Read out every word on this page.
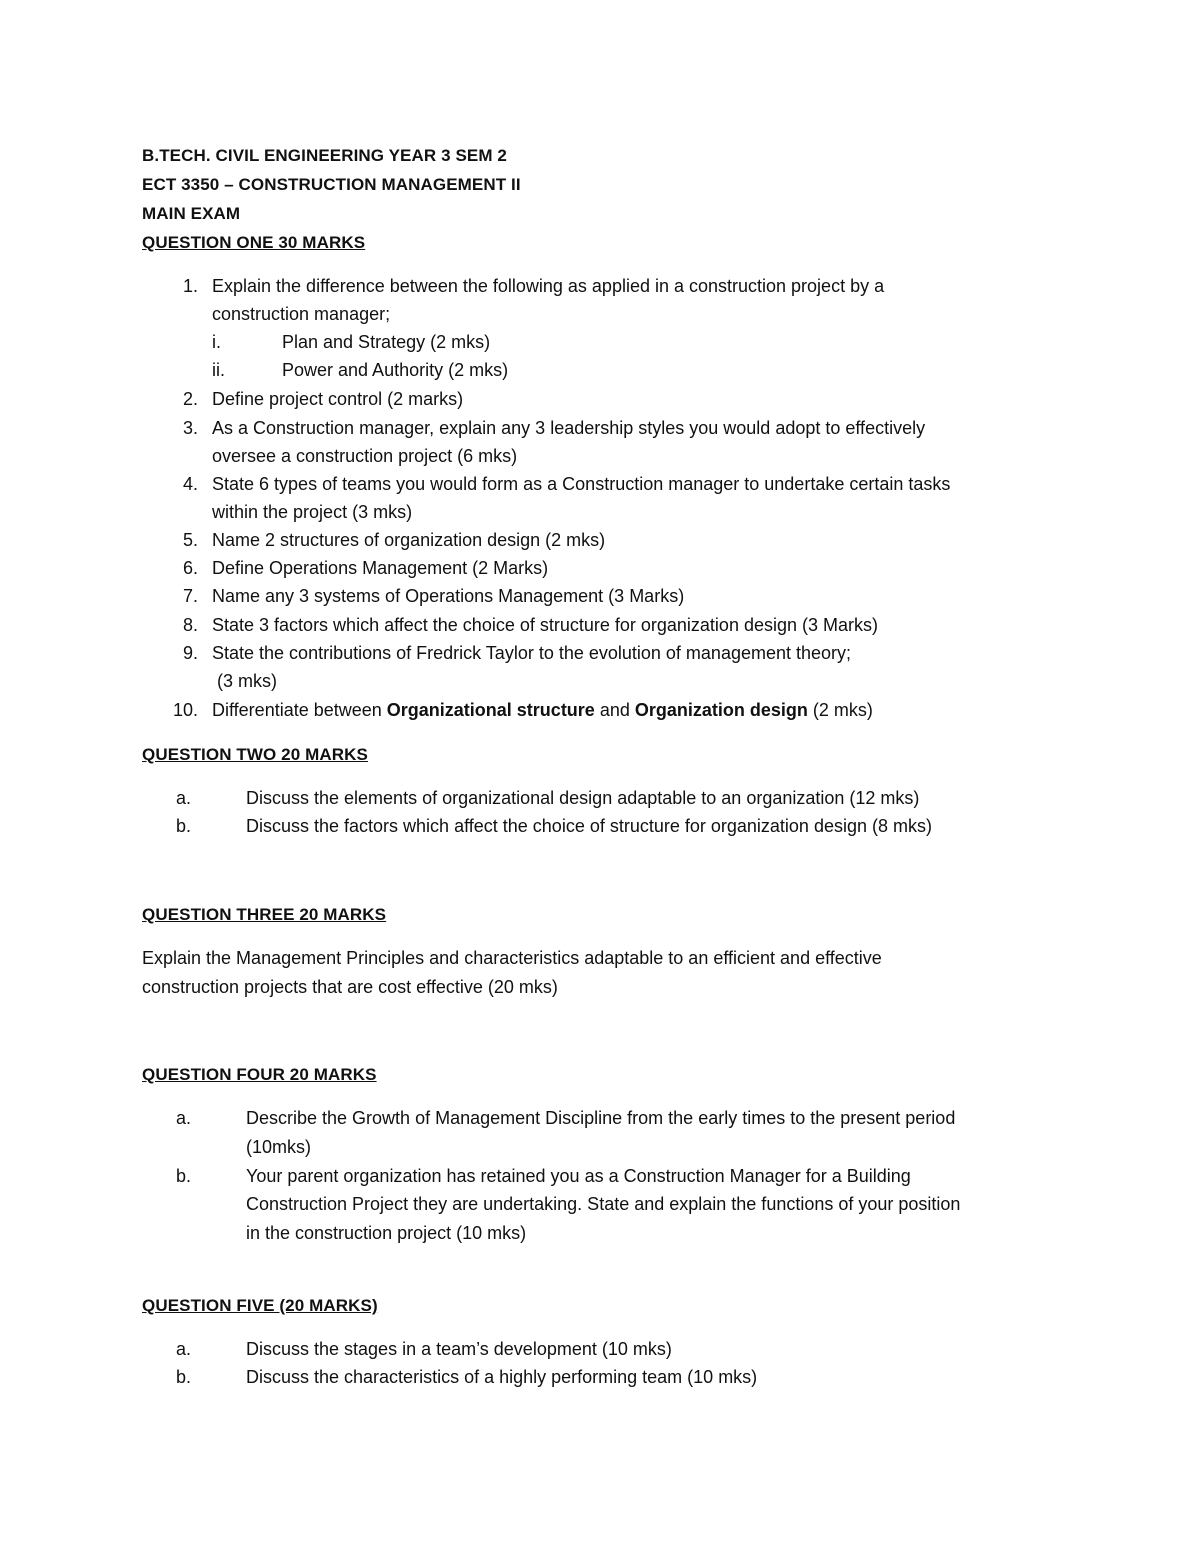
B.TECH. CIVIL ENGINEERING YEAR 3 SEM 2
ECT 3350 – CONSTRUCTION MANAGEMENT II
MAIN EXAM
QUESTION ONE 30 MARKS
1. Explain the difference between the following as applied in a construction project by a
construction manager;
i.	Plan and Strategy (2 mks)
ii.	Power and Authority (2 mks)
2. Define project control (2 marks)
3. As a Construction manager, explain any 3 leadership styles you would adopt to effectively
oversee a construction project (6 mks)
4. State 6 types of teams you would form as a Construction manager to undertake certain tasks
within the project (3 mks)
5. Name 2 structures of organization design (2 mks)
6. Define Operations Management (2 Marks)
7. Name any 3 systems of Operations Management (3 Marks)
8. State 3 factors which affect the choice of structure for organization design (3 Marks)
9. State the contributions of Fredrick Taylor to the evolution of management theory;
(3 mks)
10. Differentiate between Organizational structure and Organization design (2 mks)
QUESTION TWO 20 MARKS
a.	Discuss the elements of organizational design adaptable to an organization (12 mks)
b.	Discuss the factors which affect the choice of structure for organization design (8 mks)
QUESTION THREE 20 MARKS
Explain the Management Principles and characteristics adaptable to an efficient and effective
construction projects that are cost effective (20 mks)
QUESTION FOUR 20 MARKS
a.	Describe the Growth of Management Discipline from the early times to the present period
(10mks)
b.	Your parent organization has retained you as a Construction Manager for a Building
Construction Project they are undertaking. State and explain the functions of your position
in the construction project (10 mks)
QUESTION FIVE (20 MARKS)
a.	Discuss the stages in a team’s development (10 mks)
b.	Discuss the characteristics of a highly performing team (10 mks)
